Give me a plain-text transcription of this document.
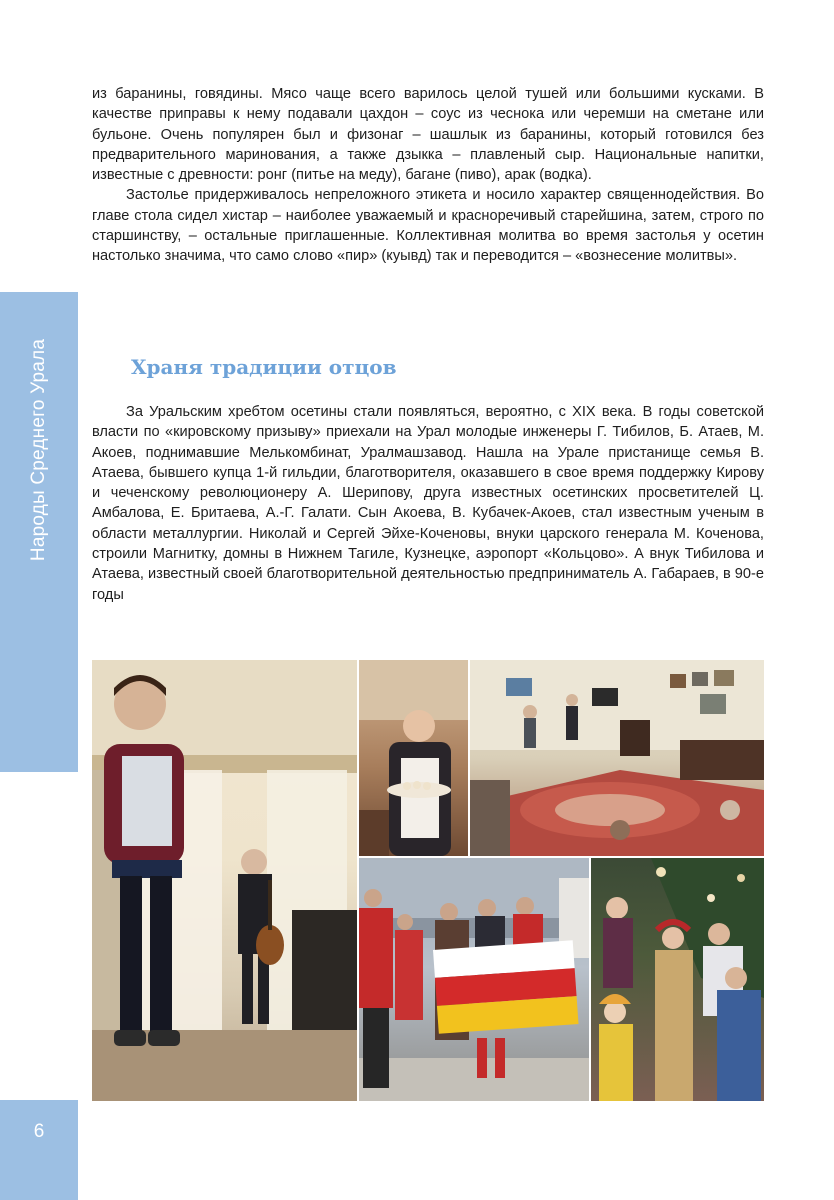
Народы Среднего Урала
6

из баранины, говядины. Мясо чаще всего варилось целой тушей или большими кусками. В качестве приправы к нему подавали цахдон – соус из чеснока или черемши на сметане или бульоне. Очень популярен был и физонаг – шашлык из баранины, который готовился без предварительного маринования, а также дзыкка – плавленый сыр. Национальные напитки, известные с древности: ронг (питье на меду), багане (пиво), арак (водка).

Застолье придерживалось непреложного этикета и носило характер священнодействия. Во главе стола сидел хистар – наиболее уважаемый и красноречивый старейшина, затем, строго по старшинству, – остальные приглашенные. Коллективная молитва во время застолья у осетин настолько значима, что само слово «пир» (куывд) так и переводится – «вознесение молитвы».

Храня традиции отцов

За Уральским хребтом осетины стали появляться, вероятно, с XIX века. В годы советской власти по «кировскому призыву» приехали на Урал молодые инженеры Г. Тибилов, Б. Атаев, М. Акоев, поднимавшие Мелькомбинат, Уралмашзавод. Нашла на Урале пристанище семья В. Атаева, бывшего купца 1-й гильдии, благотворителя, оказавшего в свое время поддержку Кирову и чеченскому революционеру А. Шерипову, друга известных осетинских просветителей Ц. Амбалова, Е. Бритаева, А.-Г. Галати. Сын Акоева, В. Кубачек-Акоев, стал известным ученым в области металлургии. Николай и Сергей Эйхе-Коченовы, внуки царского генерала М. Коченова, строили Магнитку, домны в Нижнем Тагиле, Кузнецке, аэропорт «Кольцово». А внук Тибилова и Атаева, известный своей благотворительной деятельностью предприниматель А. Габараев, в 90-е годы
